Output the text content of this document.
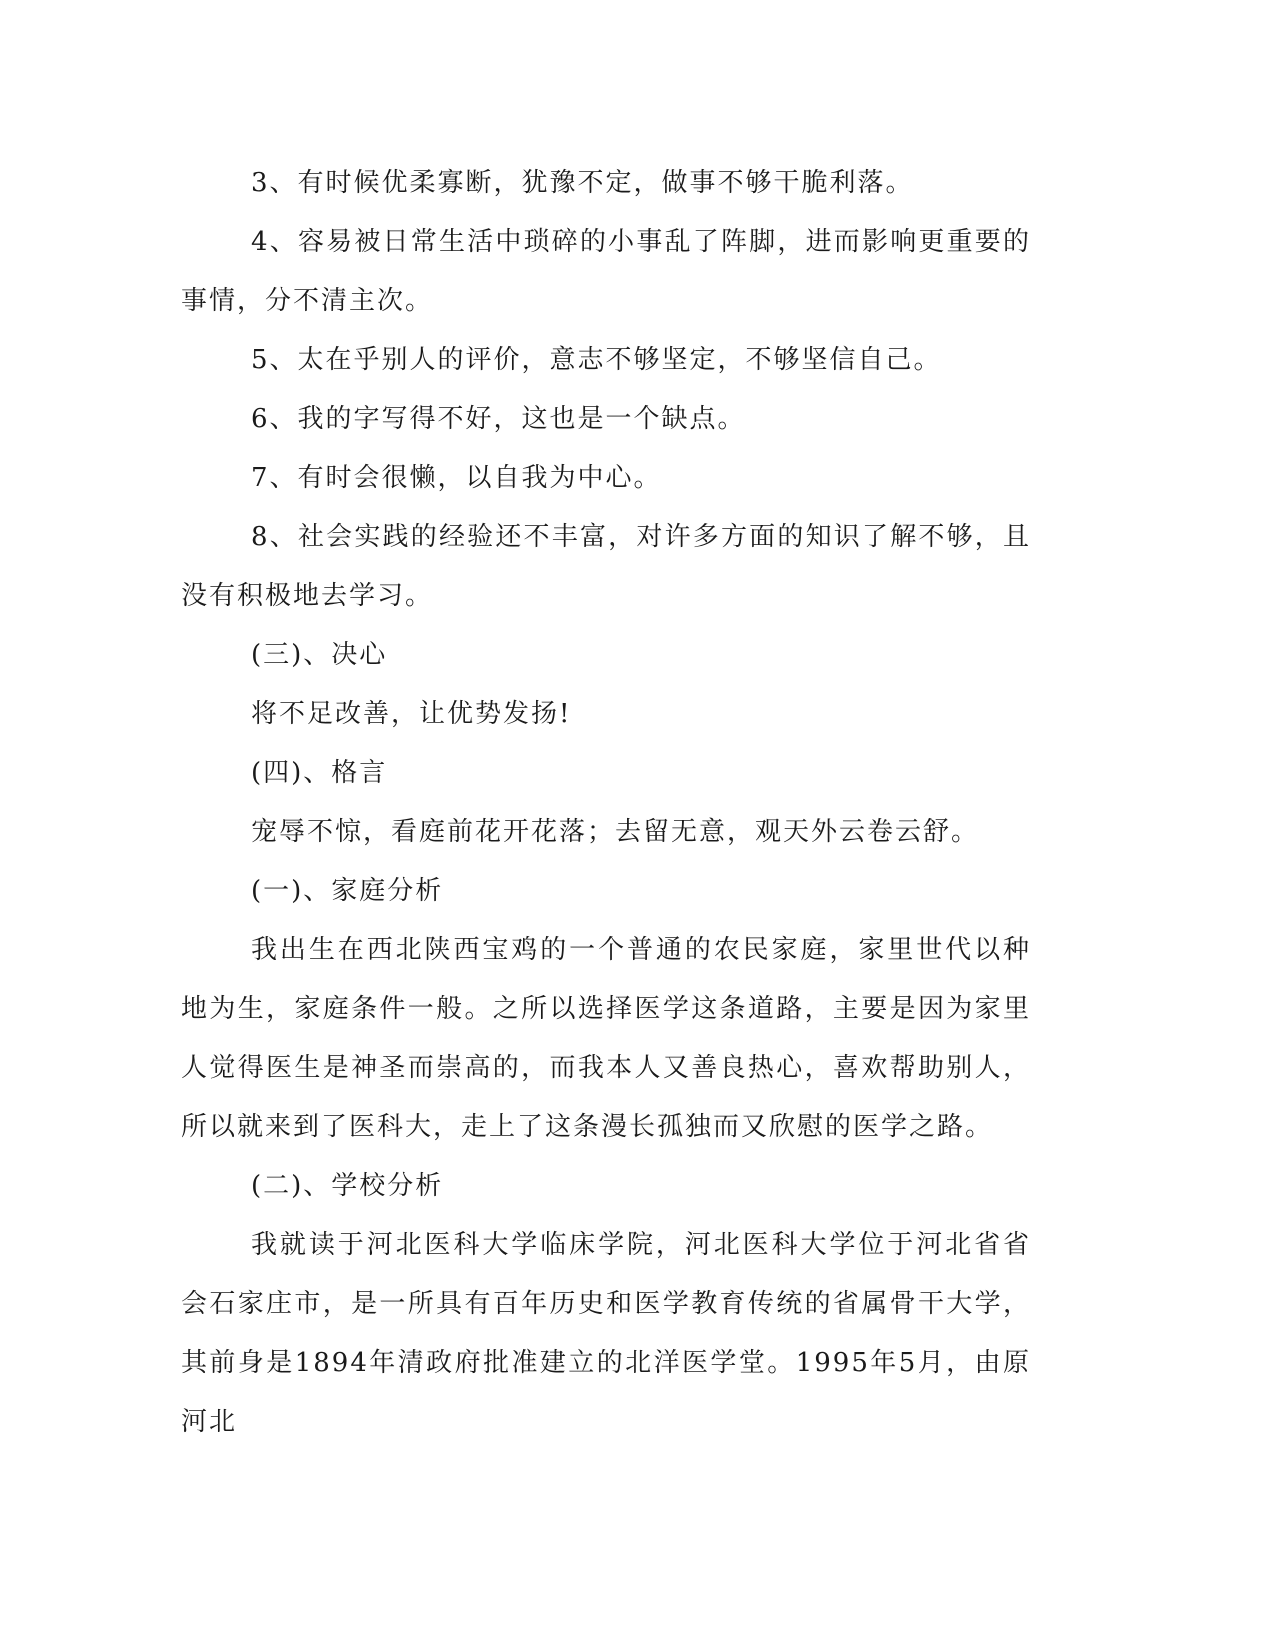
3、有时候优柔寡断，犹豫不定，做事不够干脆利落。

4、容易被日常生活中琐碎的小事乱了阵脚，进而影响更重要的事情，分不清主次。

5、太在乎别人的评价，意志不够坚定，不够坚信自己。

6、我的字写得不好，这也是一个缺点。

7、有时会很懒，以自我为中心。

8、社会实践的经验还不丰富，对许多方面的知识了解不够，且没有积极地去学习。

(三)、决心

将不足改善，让优势发扬!

(四)、格言

宠辱不惊，看庭前花开花落；去留无意，观天外云卷云舒。

(一)、家庭分析

我出生在西北陕西宝鸡的一个普通的农民家庭，家里世代以种地为生，家庭条件一般。之所以选择医学这条道路，主要是因为家里人觉得医生是神圣而崇高的，而我本人又善良热心，喜欢帮助别人，所以就来到了医科大，走上了这条漫长孤独而又欣慰的医学之路。

(二)、学校分析

我就读于河北医科大学临床学院，河北医科大学位于河北省省会石家庄市，是一所具有百年历史和医学教育传统的省属骨干大学，其前身是1894年清政府批准建立的北洋医学堂。1995年5月，由原河北
